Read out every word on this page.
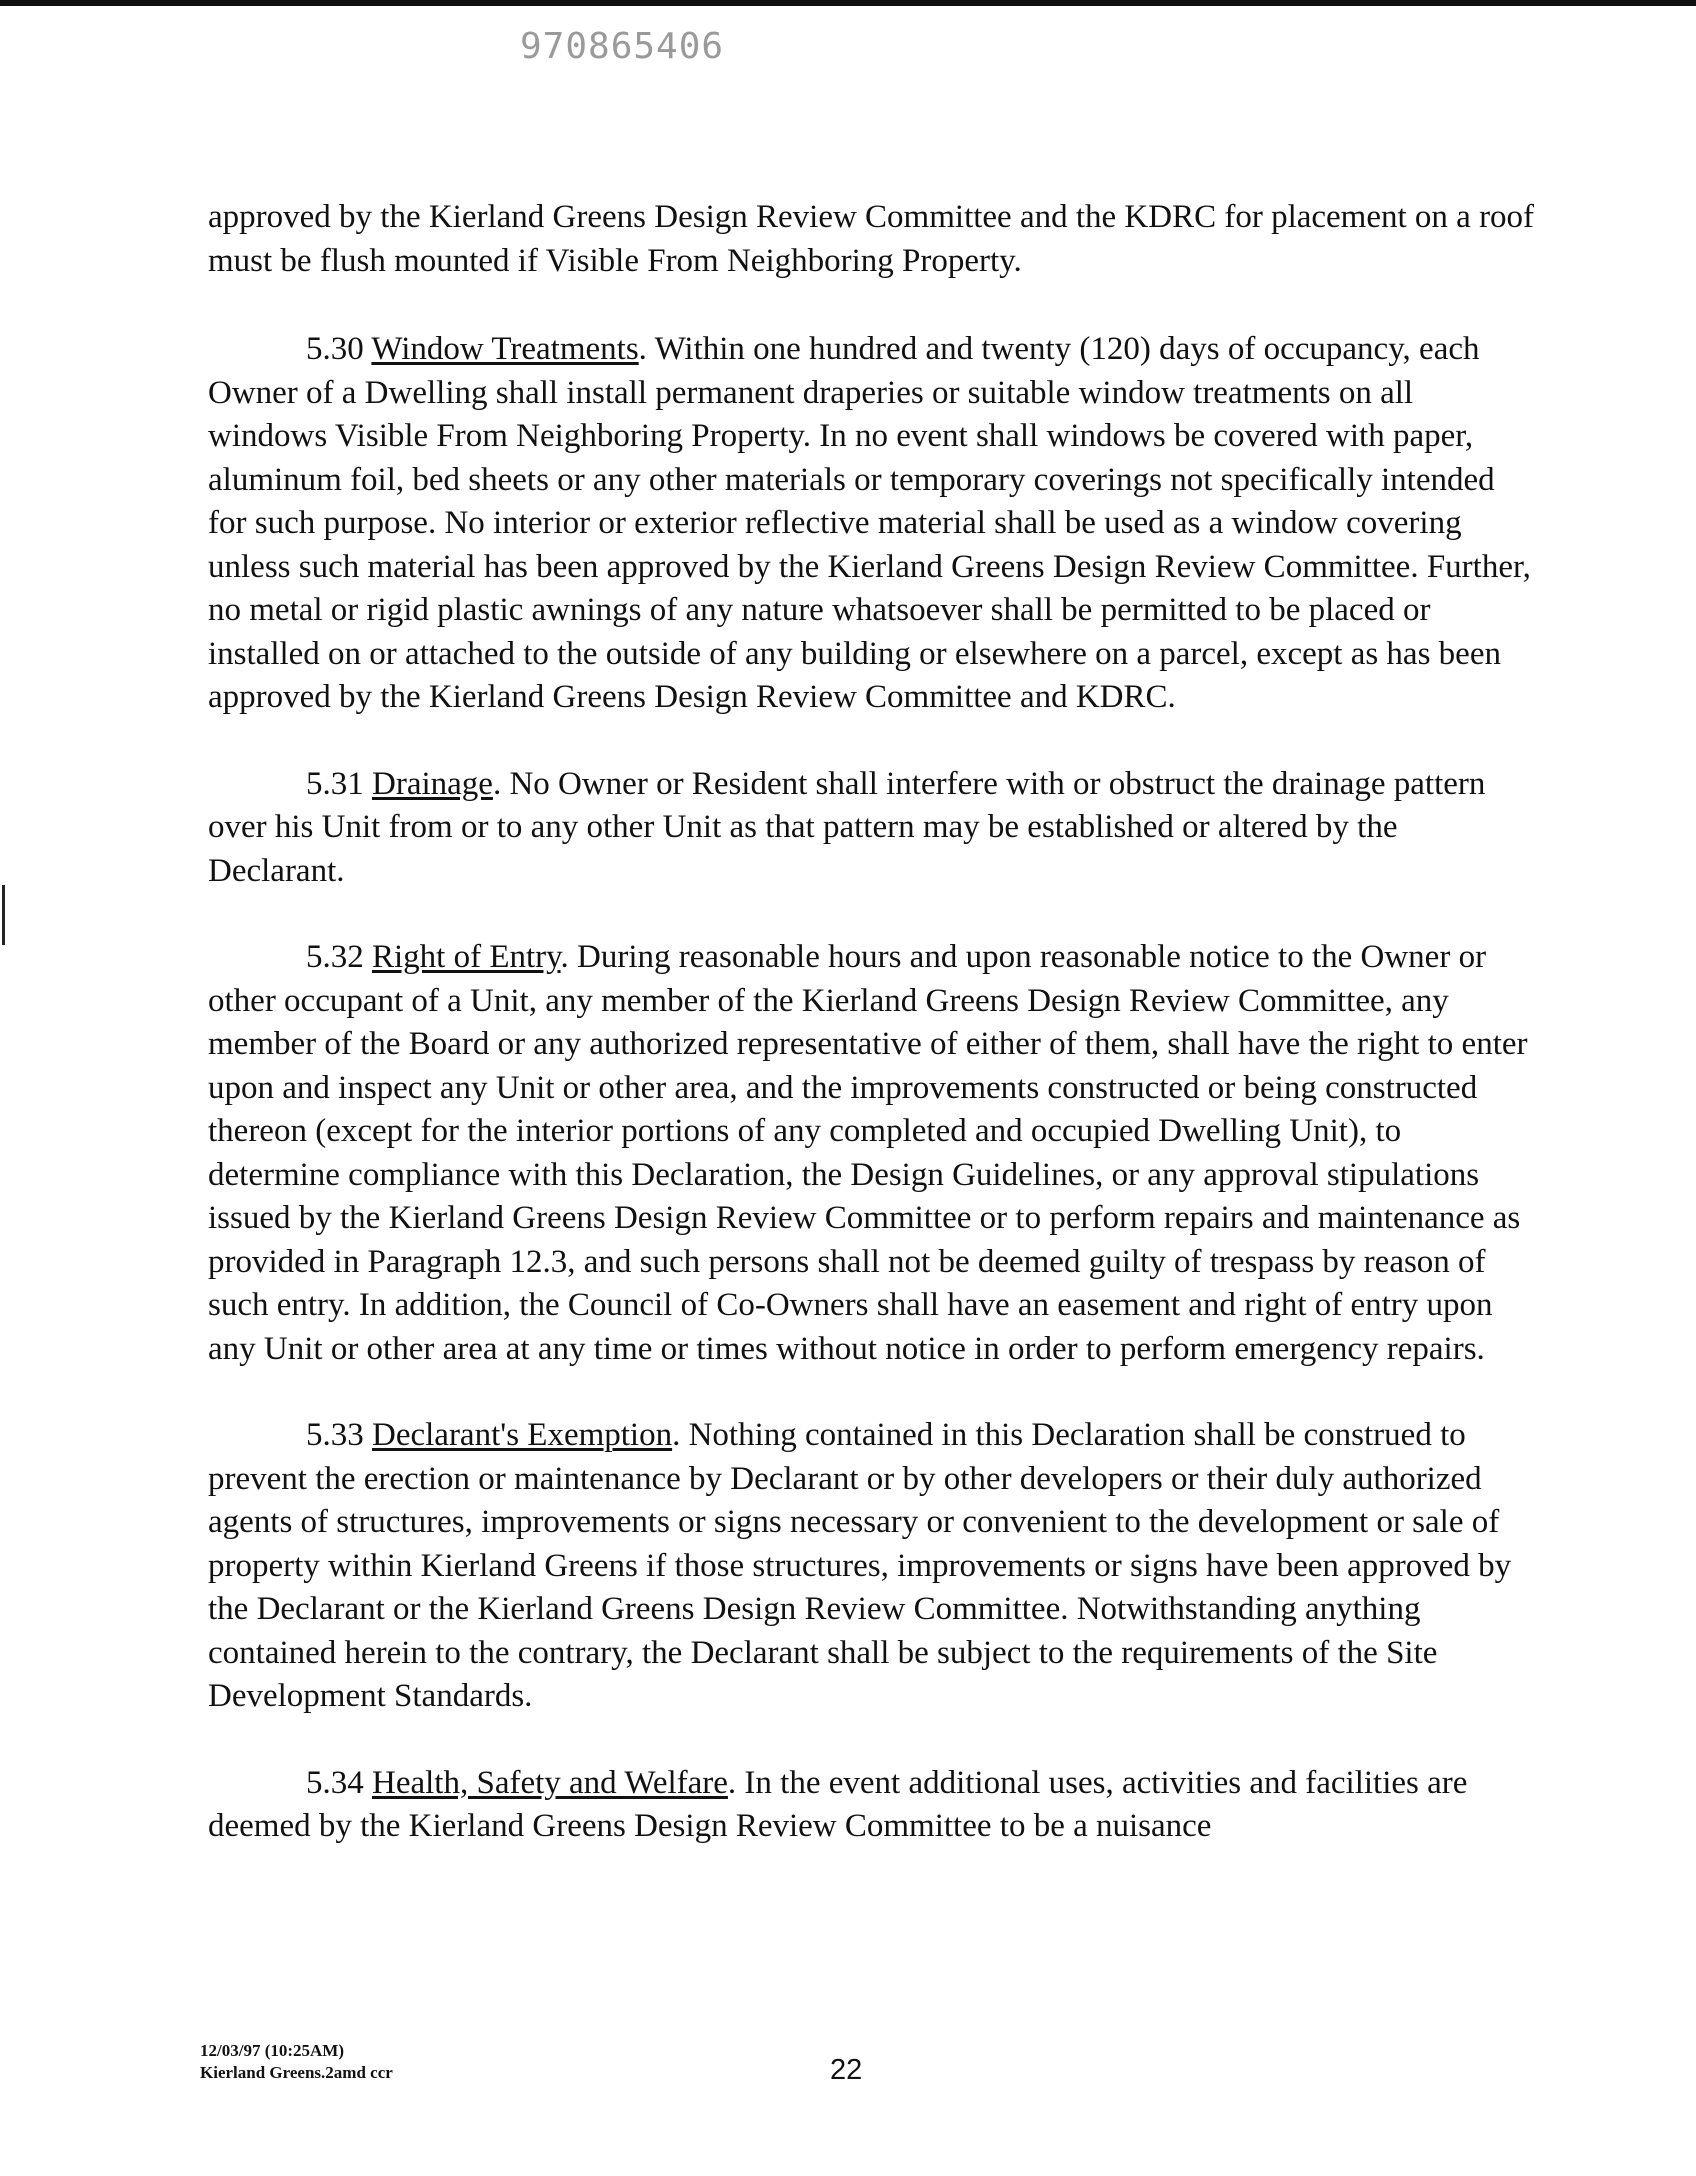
970865406

approved by the Kierland Greens Design Review Committee and the KDRC for placement on a roof must be flush mounted if Visible From Neighboring Property.

5.30 Window Treatments. Within one hundred and twenty (120) days of occupancy, each Owner of a Dwelling shall install permanent draperies or suitable window treatments on all windows Visible From Neighboring Property. In no event shall windows be covered with paper, aluminum foil, bed sheets or any other materials or temporary coverings not specifically intended for such purpose. No interior or exterior reflective material shall be used as a window covering unless such material has been approved by the Kierland Greens Design Review Committee. Further, no metal or rigid plastic awnings of any nature whatsoever shall be permitted to be placed or installed on or attached to the outside of any building or elsewhere on a parcel, except as has been approved by the Kierland Greens Design Review Committee and KDRC.

5.31 Drainage. No Owner or Resident shall interfere with or obstruct the drainage pattern over his Unit from or to any other Unit as that pattern may be established or altered by the Declarant.

5.32 Right of Entry. During reasonable hours and upon reasonable notice to the Owner or other occupant of a Unit, any member of the Kierland Greens Design Review Committee, any member of the Board or any authorized representative of either of them, shall have the right to enter upon and inspect any Unit or other area, and the improvements constructed or being constructed thereon (except for the interior portions of any completed and occupied Dwelling Unit), to determine compliance with this Declaration, the Design Guidelines, or any approval stipulations issued by the Kierland Greens Design Review Committee or to perform repairs and maintenance as provided in Paragraph 12.3, and such persons shall not be deemed guilty of trespass by reason of such entry. In addition, the Council of Co-Owners shall have an easement and right of entry upon any Unit or other area at any time or times without notice in order to perform emergency repairs.

5.33 Declarant's Exemption. Nothing contained in this Declaration shall be construed to prevent the erection or maintenance by Declarant or by other developers or their duly authorized agents of structures, improvements or signs necessary or convenient to the development or sale of property within Kierland Greens if those structures, improvements or signs have been approved by the Declarant or the Kierland Greens Design Review Committee. Notwithstanding anything contained herein to the contrary, the Declarant shall be subject to the requirements of the Site Development Standards.

5.34 Health, Safety and Welfare. In the event additional uses, activities and facilities are deemed by the Kierland Greens Design Review Committee to be a nuisance

12/03/97 (10:25AM)
Kierland Greens.2amd ccr	22
